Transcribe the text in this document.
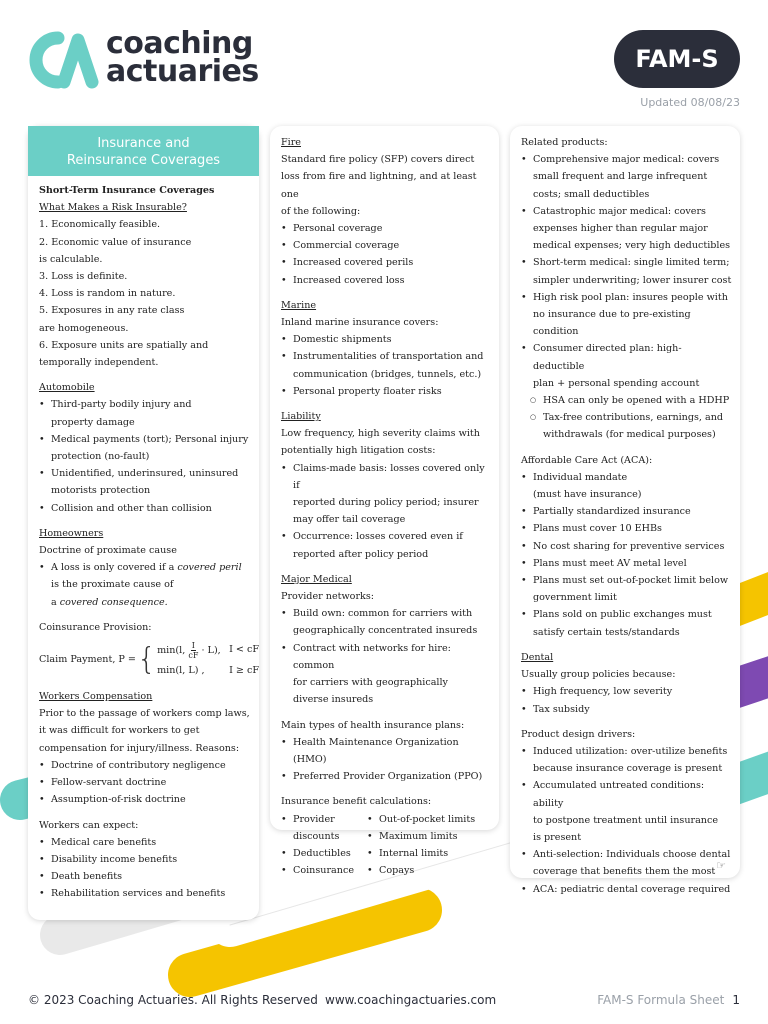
coaching
actuaries	FAM-S
Updated 08/08/23
Insurance and
Reinsurance Coverages
Short-Term Insurance Coverages
What Makes a Risk Insurable?
1. Economically feasible.
2. Economic value of insurance
is calculable.
3. Loss is definite.
4. Loss is random in nature.
5. Exposures in any rate class
are homogeneous.
6. Exposure units are spatially and
temporally independent.
Automobile
• Third-party bodily injury and
property damage
• Medical payments (tort); Personal injury
protection (no-fault)
• Unidentified, underinsured, uninsured
motorists protection
• Collision and other than collision
Homeowners
Doctrine of proximate cause
• A loss is only covered if a covered peril
is the proximate cause of
a covered consequence.
Coinsurance Provision:
Claim Payment, P = { min(l, $\frac{I}{cF} \cdot L$), I < cF
min(l, L) ,	I ≥ cF
Workers Compensation
Prior to the passage of workers comp laws,
it was difficult for workers to get
compensation for injury/illness. Reasons:
• Doctrine of contributory negligence
• Fellow-servant doctrine
• Assumption-of-risk doctrine
Workers can expect:
• Medical care benefits
• Disability income benefits
• Death benefits
• Rehabilitation services and benefits
Fire
Standard fire policy (SFP) covers direct
loss from fire and lightning, and at least one
of the following:
• Personal coverage
• Commercial coverage
• Increased covered perils
• Increased covered loss
Marine
Inland marine insurance covers:
• Domestic shipments
• Instrumentalities of transportation and
communication (bridges, tunnels, etc.)
• Personal property floater risks
Liability
Low frequency, high severity claims with
potentially high litigation costs:
• Claims-made basis: losses covered only if
reported during policy period; insurer
may offer tail coverage
• Occurrence: losses covered even if
reported after policy period
Major Medical
Provider networks:
• Build own: common for carriers with
geographically concentrated insureds
• Contract with networks for hire: common
for carriers with geographically
diverse insureds
Main types of health insurance plans:
• Health Maintenance Organization (HMO)
• Preferred Provider Organization (PPO)
Insurance benefit calculations:
• Provider
discounts
• Deductibles
• Coinsurance
• Out-of-pocket limits
• Maximum limits
• Internal limits
• Copays
Related products:
• Comprehensive major medical: covers
small frequent and large infrequent
costs; small deductibles
• Catastrophic major medical: covers
expenses higher than regular major
medical expenses; very high deductibles
• Short-term medical: single limited term;
simpler underwriting; lower insurer cost
• High risk pool plan: insures people with
no insurance due to pre-existing condition
• Consumer directed plan: high-deductible
plan + personal spending account
○ HSA can only be opened with a HDHP
○ Tax-free contributions, earnings, and
withdrawals (for medical purposes)
Affordable Care Act (ACA):
• Individual mandate
(must have insurance)
• Partially standardized insurance
• Plans must cover 10 EHBs
• No cost sharing for preventive services
• Plans must meet AV metal level
• Plans must set out-of-pocket limit below
government limit
• Plans sold on public exchanges must
satisfy certain tests/standards
Dental
Usually group policies because:
• High frequency, low severity
• Tax subsidy
Product design drivers:
• Induced utilization: over-utilize benefits
because insurance coverage is present
• Accumulated untreated conditions: ability
to postpone treatment until insurance
is present
• Anti-selection: Individuals choose dental
coverage that benefits them the most
• ACA: pediatric dental coverage required
☞
© 2023 Coaching Actuaries. All Rights Reserved www.coachingactuaries.com	FAM-S Formula Sheet 1
